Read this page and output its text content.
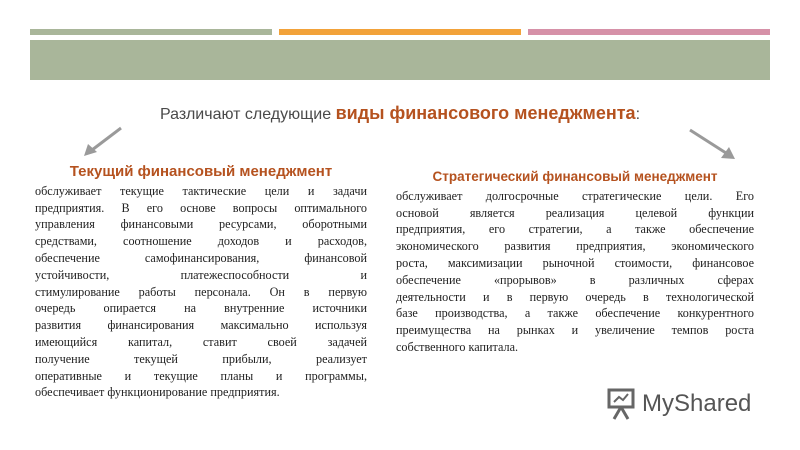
Различают следующие виды финансового менеджмента:
Текущий финансовый менеджмент
обслуживает текущие тактические цели и задачи
предприятия. В его основе вопросы оптимального
управления финансовыми ресурсами, оборотными
средствами, соотношение доходов и расходов,
обеспечение самофинансирования, финансовой
устойчивости, платежеспособности и
стимулирование работы персонала. Он в первую
очередь опирается на внутренние источники
развития финансирования максимально используя
имеющийся капитал, ставит своей задачей
получение текущей прибыли, реализует
оперативные и текущие планы и программы,
обеспечивает функционирование предприятия.
Стратегический финансовый менеджмент
обслуживает долгосрочные стратегические цели. Его
основой является реализация целевой функции
предприятия, его стратегии, а также обеспечение
экономического развития предприятия, экономического
роста, максимизации рыночной стоимости, финансовое
обеспечение «прорывов» в различных сферах
деятельности и в первую очередь в технологической
базе производства, а также обеспечение конкурентного
преимущества на рынках и увеличение темпов роста
собственного капитала.
MyShared
